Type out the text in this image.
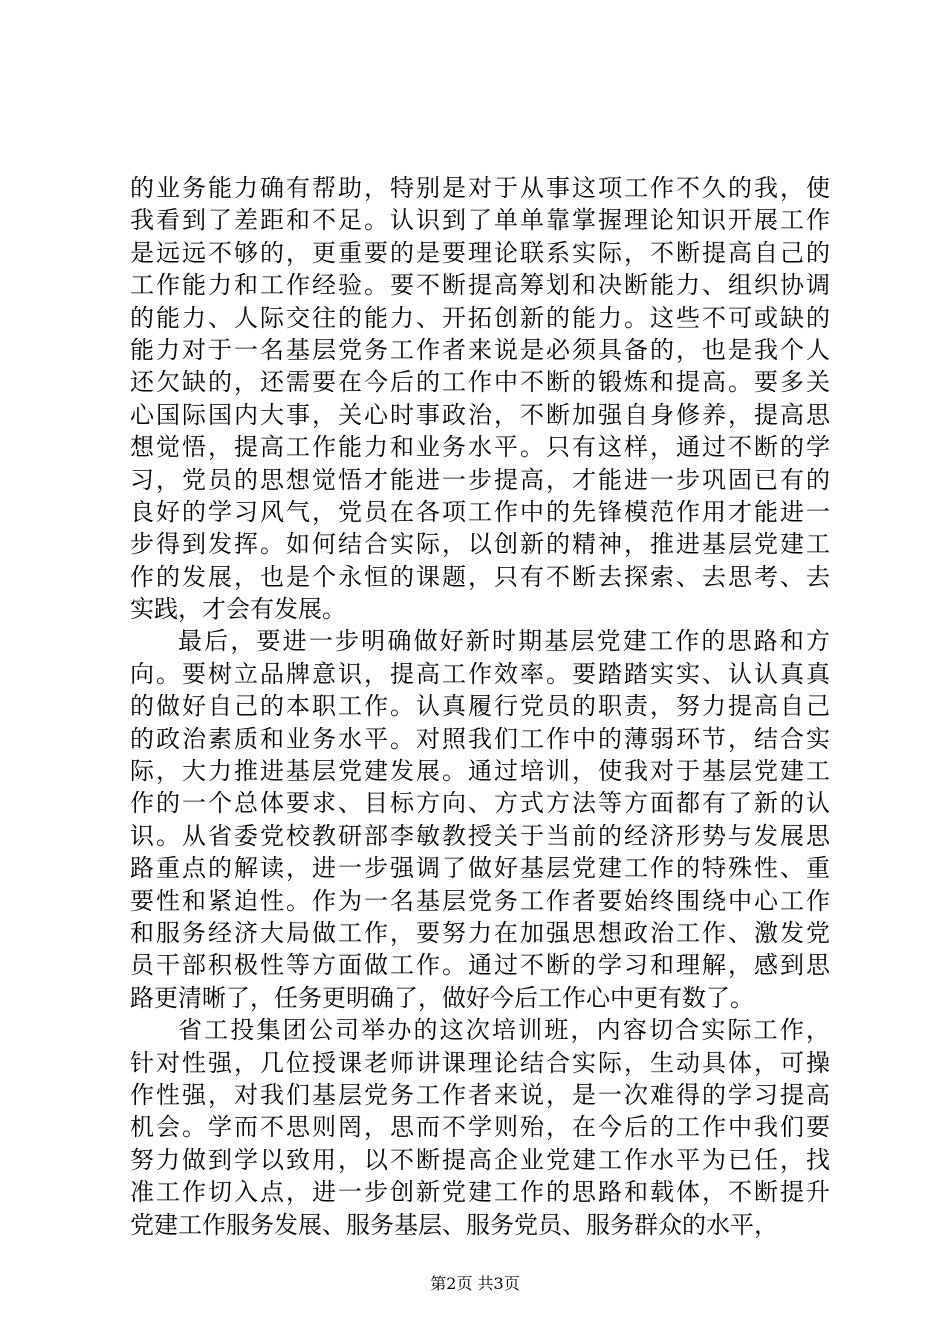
的业务能力确有帮助，特别是对于从事这项工作不久的我，使
我看到了差距和不足。认识到了单单靠掌握理论知识开展工作
是远远不够的，更重要的是要理论联系实际，不断提高自己的
工作能力和工作经验。要不断提高筹划和决断能力、组织协调
的能力、人际交往的能力、开拓创新的能力。这些不可或缺的
能力对于一名基层党务工作者来说是必须具备的，也是我个人
还欠缺的，还需要在今后的工作中不断的锻炼和提高。要多关
心国际国内大事，关心时事政治，不断加强自身修养，提高思
想觉悟，提高工作能力和业务水平。只有这样，通过不断的学
习，党员的思想觉悟才能进一步提高，才能进一步巩固已有的
良好的学习风气，党员在各项工作中的先锋模范作用才能进一
步得到发挥。如何结合实际，以创新的精神，推进基层党建工
作的发展，也是个永恒的课题，只有不断去探索、去思考、去
实践，才会有发展。
最后，要进一步明确做好新时期基层党建工作的思路和方
向。要树立品牌意识，提高工作效率。要踏踏实实、认认真真
的做好自己的本职工作。认真履行党员的职责，努力提高自己
的政治素质和业务水平。对照我们工作中的薄弱环节，结合实
际，大力推进基层党建发展。通过培训，使我对于基层党建工
作的一个总体要求、目标方向、方式方法等方面都有了新的认
识。从省委党校教研部李敏教授关于当前的经济形势与发展思
路重点的解读，进一步强调了做好基层党建工作的特殊性、重
要性和紧迫性。作为一名基层党务工作者要始终围绕中心工作
和服务经济大局做工作，要努力在加强思想政治工作、激发党
员干部积极性等方面做工作。通过不断的学习和理解，感到思
路更清晰了，任务更明确了，做好今后工作心中更有数了。
省工投集团公司举办的这次培训班，内容切合实际工作，
针对性强，几位授课老师讲课理论结合实际，生动具体，可操
作性强，对我们基层党务工作者来说，是一次难得的学习提高
机会。学而不思则罔，思而不学则殆，在今后的工作中我们要
努力做到学以致用，以不断提高企业党建工作水平为已任，找
准工作切入点，进一步创新党建工作的思路和载体，不断提升
党建工作服务发展、服务基层、服务党员、服务群众的水平，
第2页 共3页
